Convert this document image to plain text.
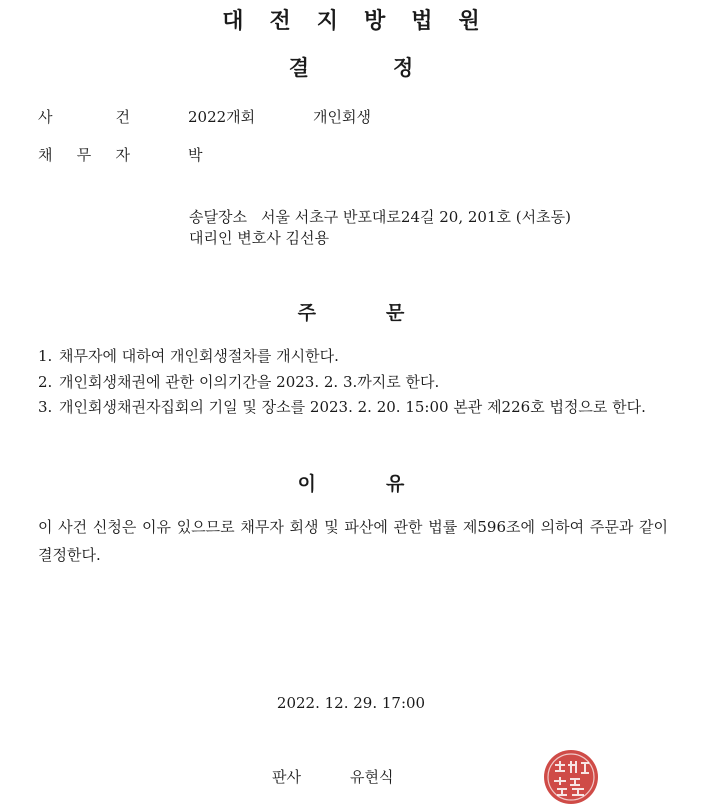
대전지방법원
결	정
사	건	2022개회	개인회생
채 무 자	박
송달장소 서울 서초구 반포대로24길 20, 201호 (서초동)
대리인 변호사 김선용
주	문
1. 채무자에 대하여 개인회생절차를 개시한다.
2. 개인회생채권에 관한 이의기간을 2023. 2. 3.까지로 한다.
3. 개인회생채권자집회의 기일 및 장소를 2023. 2. 20. 15:00 본관 제226호 법정으로 한다.
이	유
이 사건 신청은 이유 있으므로 채무자 회생 및 파산에 관한 법률 제596조에 의하여 주문과 같이 결정한다.
2022. 12. 29. 17:00
판사	유현식
